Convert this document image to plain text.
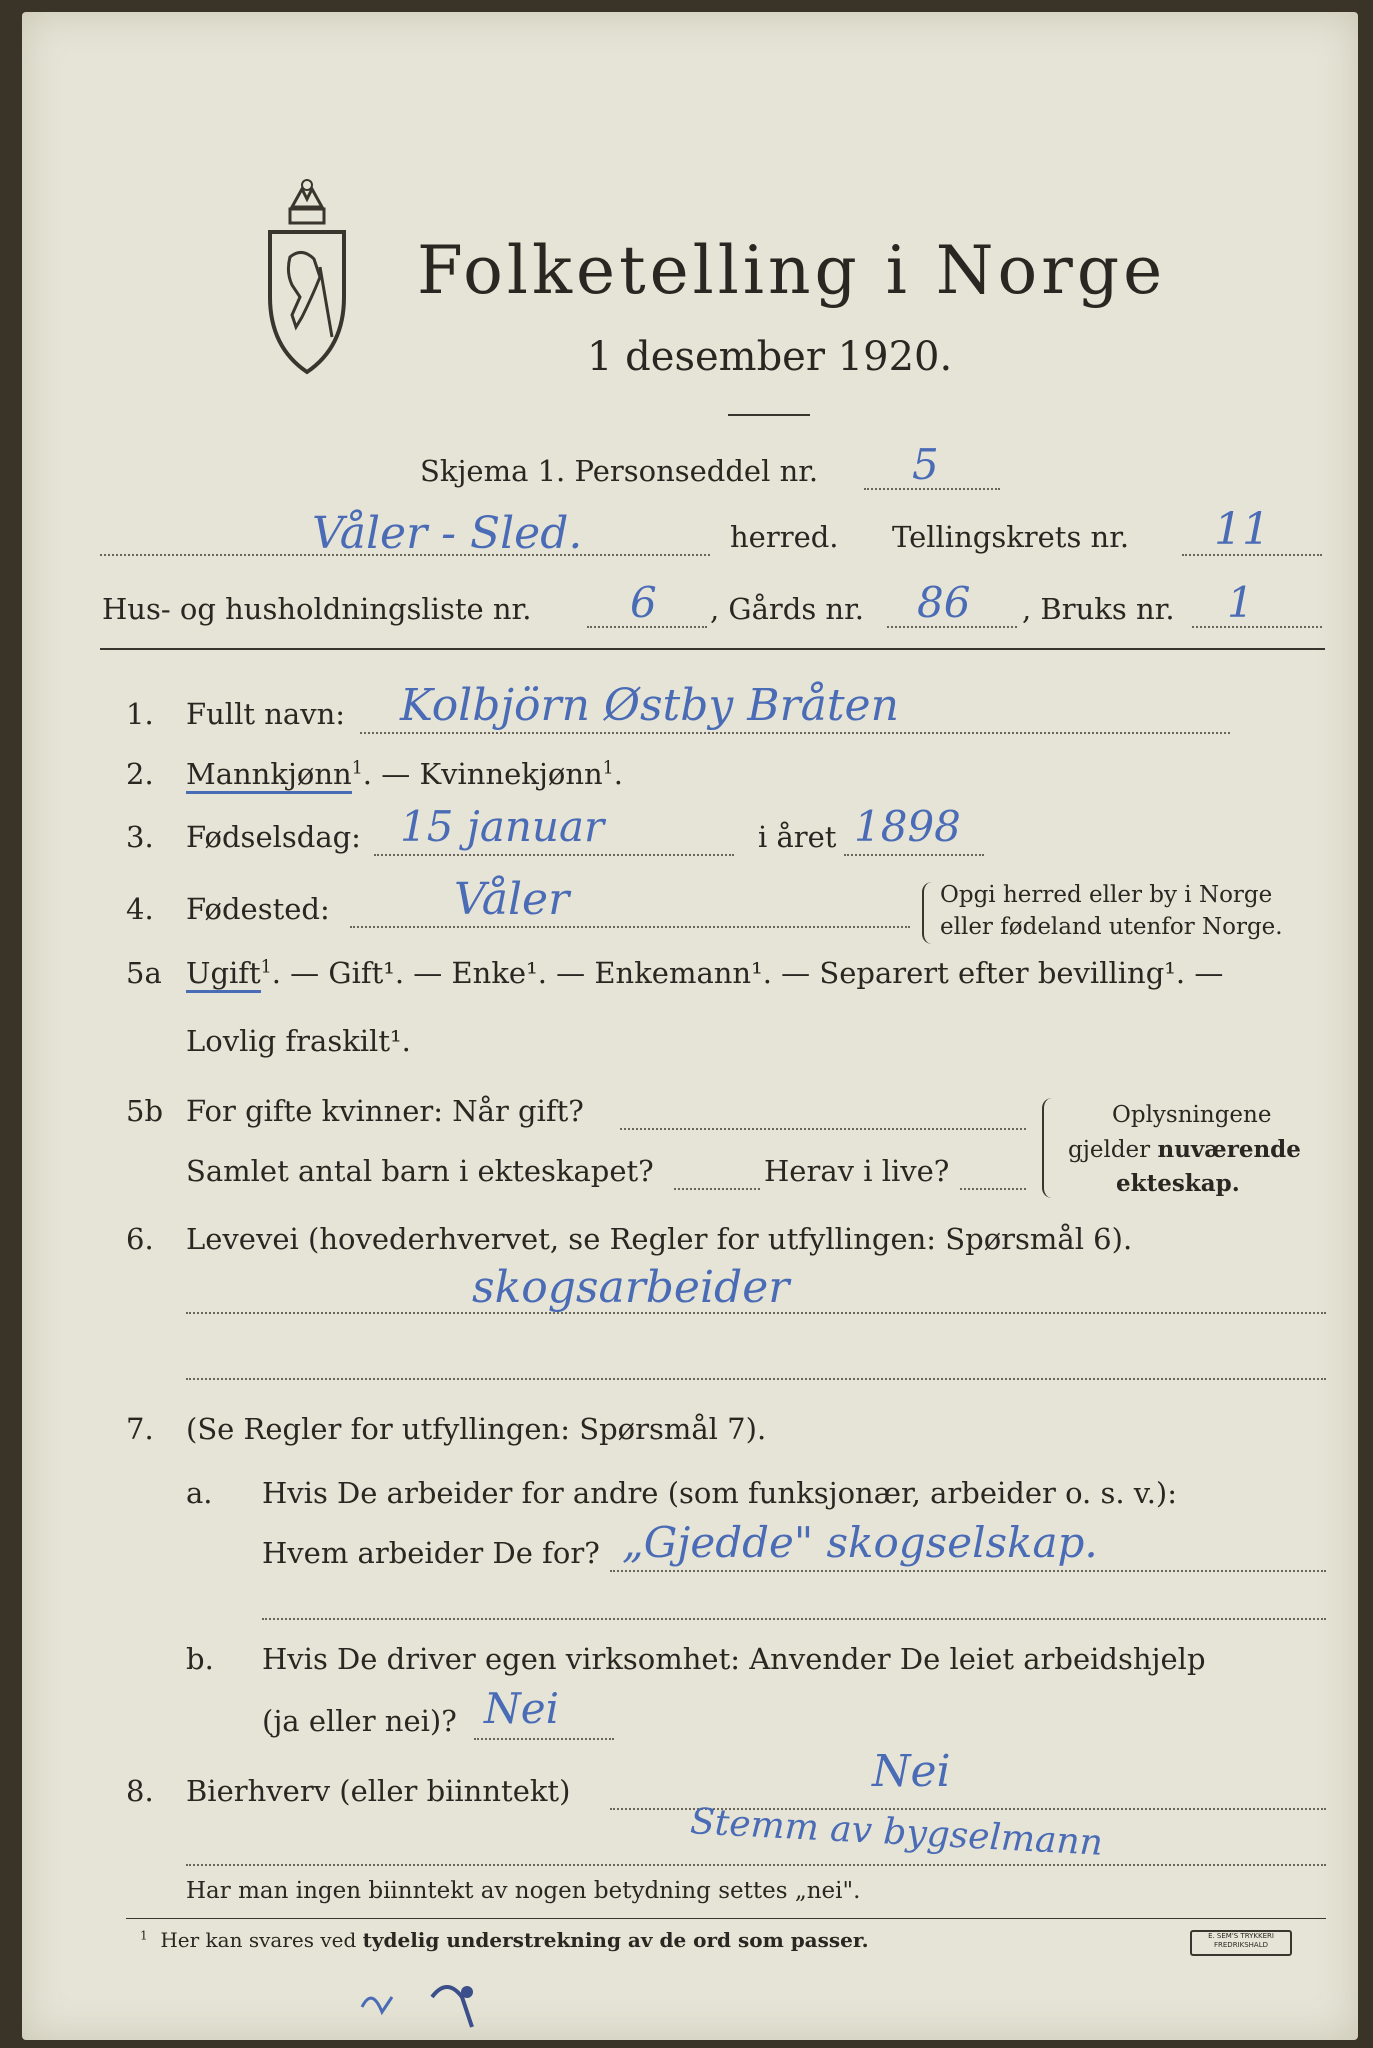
Folketelling i Norge
1 desember 1920.
Skjema 1. Personseddel nr. 5
Våler - Sled.	herred. Tellingskrets nr. 11
Hus- og husholdningsliste nr. 6 , Gårds nr. 86 , Bruks nr. 1
1. Fullt navn: Kolbjörn Østby Bråten
2. Mannkjønn$^1$. — Kvinnekjønn$^1$.
3. Fødselsdag: 15 januar	i året 1898
4. Fødested:	Våler	Opgi herred eller by i Norge
eller fødeland utenfor Norge.
5a Ugift$^1$. — Gift¹. — Enke¹. — Enkemann¹. — Separert efter bevilling¹. —
Lovlig fraskilt¹.
5b For gifte kvinner: Når gift?
Samlet antal barn i ekteskapet?	Herav i live?
Oplysningene
gjelder nuværende
ekteskap.
6. Levevei (hovederhvervet, se Regler for utfyllingen: Spørsmål 6).
skogsarbeider
7. (Se Regler for utfyllingen: Spørsmål 7).
a. Hvis De arbeider for andre (som funksjonær, arbeider o. s. v.):
Hvem arbeider De for? „Gjedde" skogselskap.
b. Hvis De driver egen virksomhet: Anvender De leiet arbeidshjelp
(ja eller nei)? Nei
8. Bierhverv (eller biinntekt)	Nei
Stemm av bygselmann
Har man ingen biinntekt av nogen betydning settes „nei".
$^1$ Her kan svares ved tydelig understrekning av de ord som passer.	E. SEM'S TRYKKERI
FREDRIKSHALD
